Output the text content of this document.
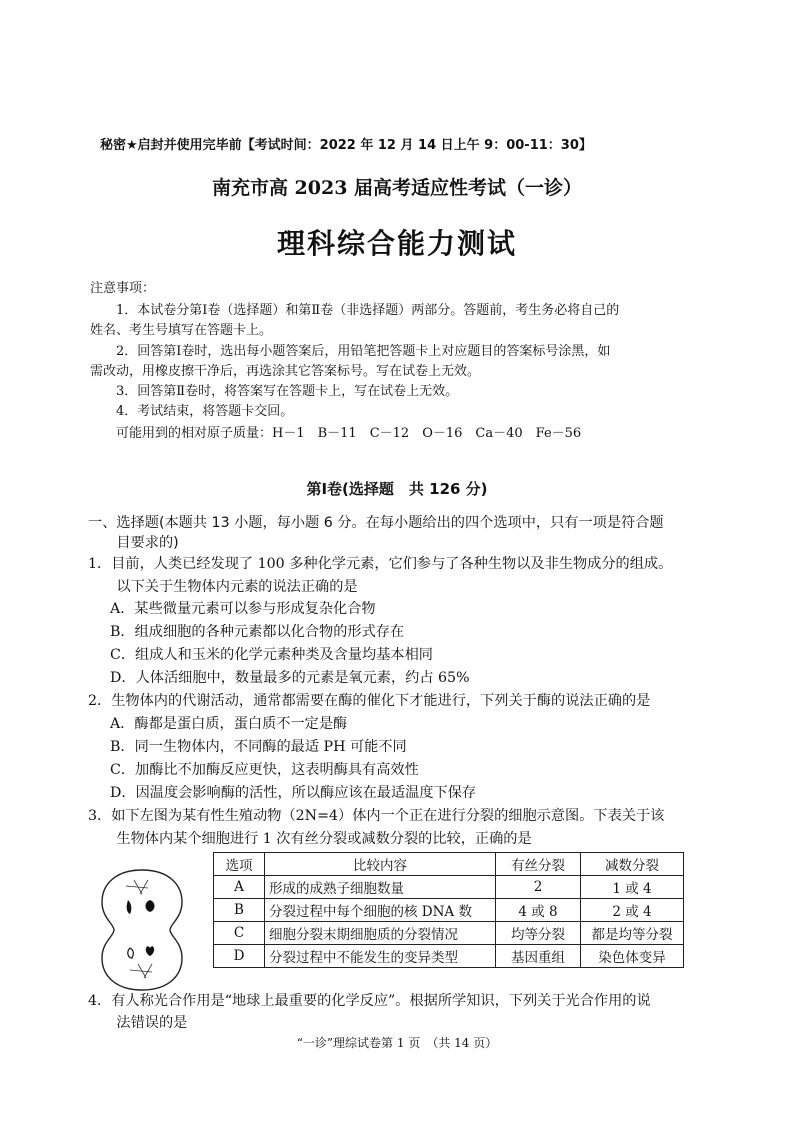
秘密★启封并使用完毕前【考试时间：2022 年 12 月 14 日上午 9：00-11：30】
南充市高 2023 届高考适应性考试（一诊）
理科综合能力测试
注意事项：
　　1．本试卷分第Ⅰ卷（选择题）和第Ⅱ卷（非选择题）两部分。答题前，考生务必将自己的
姓名、考生号填写在答题卡上。
　　2．回答第Ⅰ卷时，选出每小题答案后，用铅笔把答题卡上对应题目的答案标号涂黑，如
需改动，用橡皮擦干净后，再选涂其它答案标号。写在试卷上无效。
　　3．回答第Ⅱ卷时，将答案写在答题卡上，写在试卷上无效。
　　4．考试结束，将答题卡交回。
　　可能用到的相对原子质量：H－1　B－11　C－12　O－16　Ca－40　Fe－56
第Ⅰ卷(选择题　共 126 分)
一、选择题(本题共 13 小题，每小题 6 分。在每小题给出的四个选项中，只有一项是符合题
　　目要求的)
1．目前，人类已经发现了 100 多种化学元素，它们参与了各种生物以及非生物成分的组成。
　　以下关于生物体内元素的说法正确的是
A．某些微量元素可以参与形成复杂化合物
B．组成细胞的各种元素都以化合物的形式存在
C．组成人和玉米的化学元素种类及含量均基本相同
D．人体活细胞中，数量最多的元素是氧元素，约占 65%
2．生物体内的代谢活动，通常都需要在酶的催化下才能进行，下列关于酶的说法正确的是
A．酶都是蛋白质，蛋白质不一定是酶
B．同一生物体内，不同酶的最适 PH 可能不同
C．加酶比不加酶反应更快，这表明酶具有高效性
D．因温度会影响酶的活性，所以酶应该在最适温度下保存
3．如下左图为某有性生殖动物（2N=4）体内一个正在进行分裂的细胞示意图。下表关于该
　　生物体内某个细胞进行 1 次有丝分裂或减数分裂的比较，正确的是
选项	比较内容	有丝分裂	减数分裂
A	形成的成熟子细胞数量	2	1 或 4
B	分裂过程中每个细胞的核 DNA 数	4 或 8	2 或 4
C	细胞分裂末期细胞质的分裂情况	均等分裂	都是均等分裂
D	分裂过程中不能发生的变异类型	基因重组	染色体变异
4．有人称光合作用是“地球上最重要的化学反应”。根据所学知识，下列关于光合作用的说
　　法错误的是
“一诊”理综试卷第 1 页　（共 14 页）
